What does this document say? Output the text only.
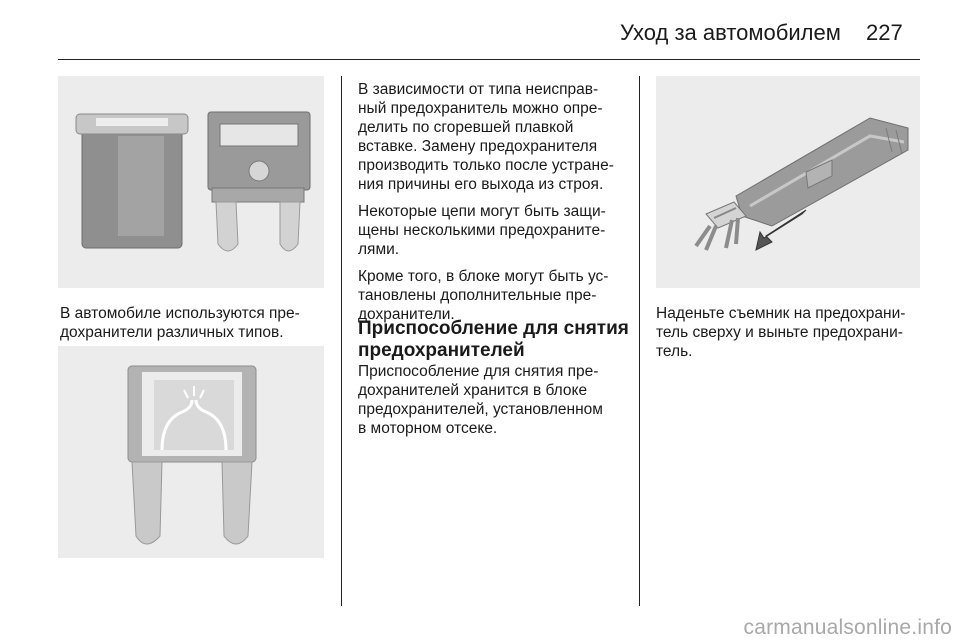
Уход за автомобилем 227
В автомобиле используются пре-
дохранители различных типов.

В зависимости от типа неисправ-
ный предохранитель можно опре-
делить по сгоревшей плавкой
вставке. Замену предохранителя
производить только после устране-
ния причины его выхода из строя.

Некоторые цепи могут быть защи-
щены несколькими предохраните-
лями.

Кроме того, в блоке могут быть ус-
тановлены дополнительные пре-
дохранители.

Приспособление для снятия
предохранителей
Приспособление для снятия пре-
дохранителей хранится в блоке
предохранителей, установленном
в моторном отсеке.
Наденьте съемник на предохрани-
тель сверху и выньте предохрани-
тель.
carmanualsonline.info
